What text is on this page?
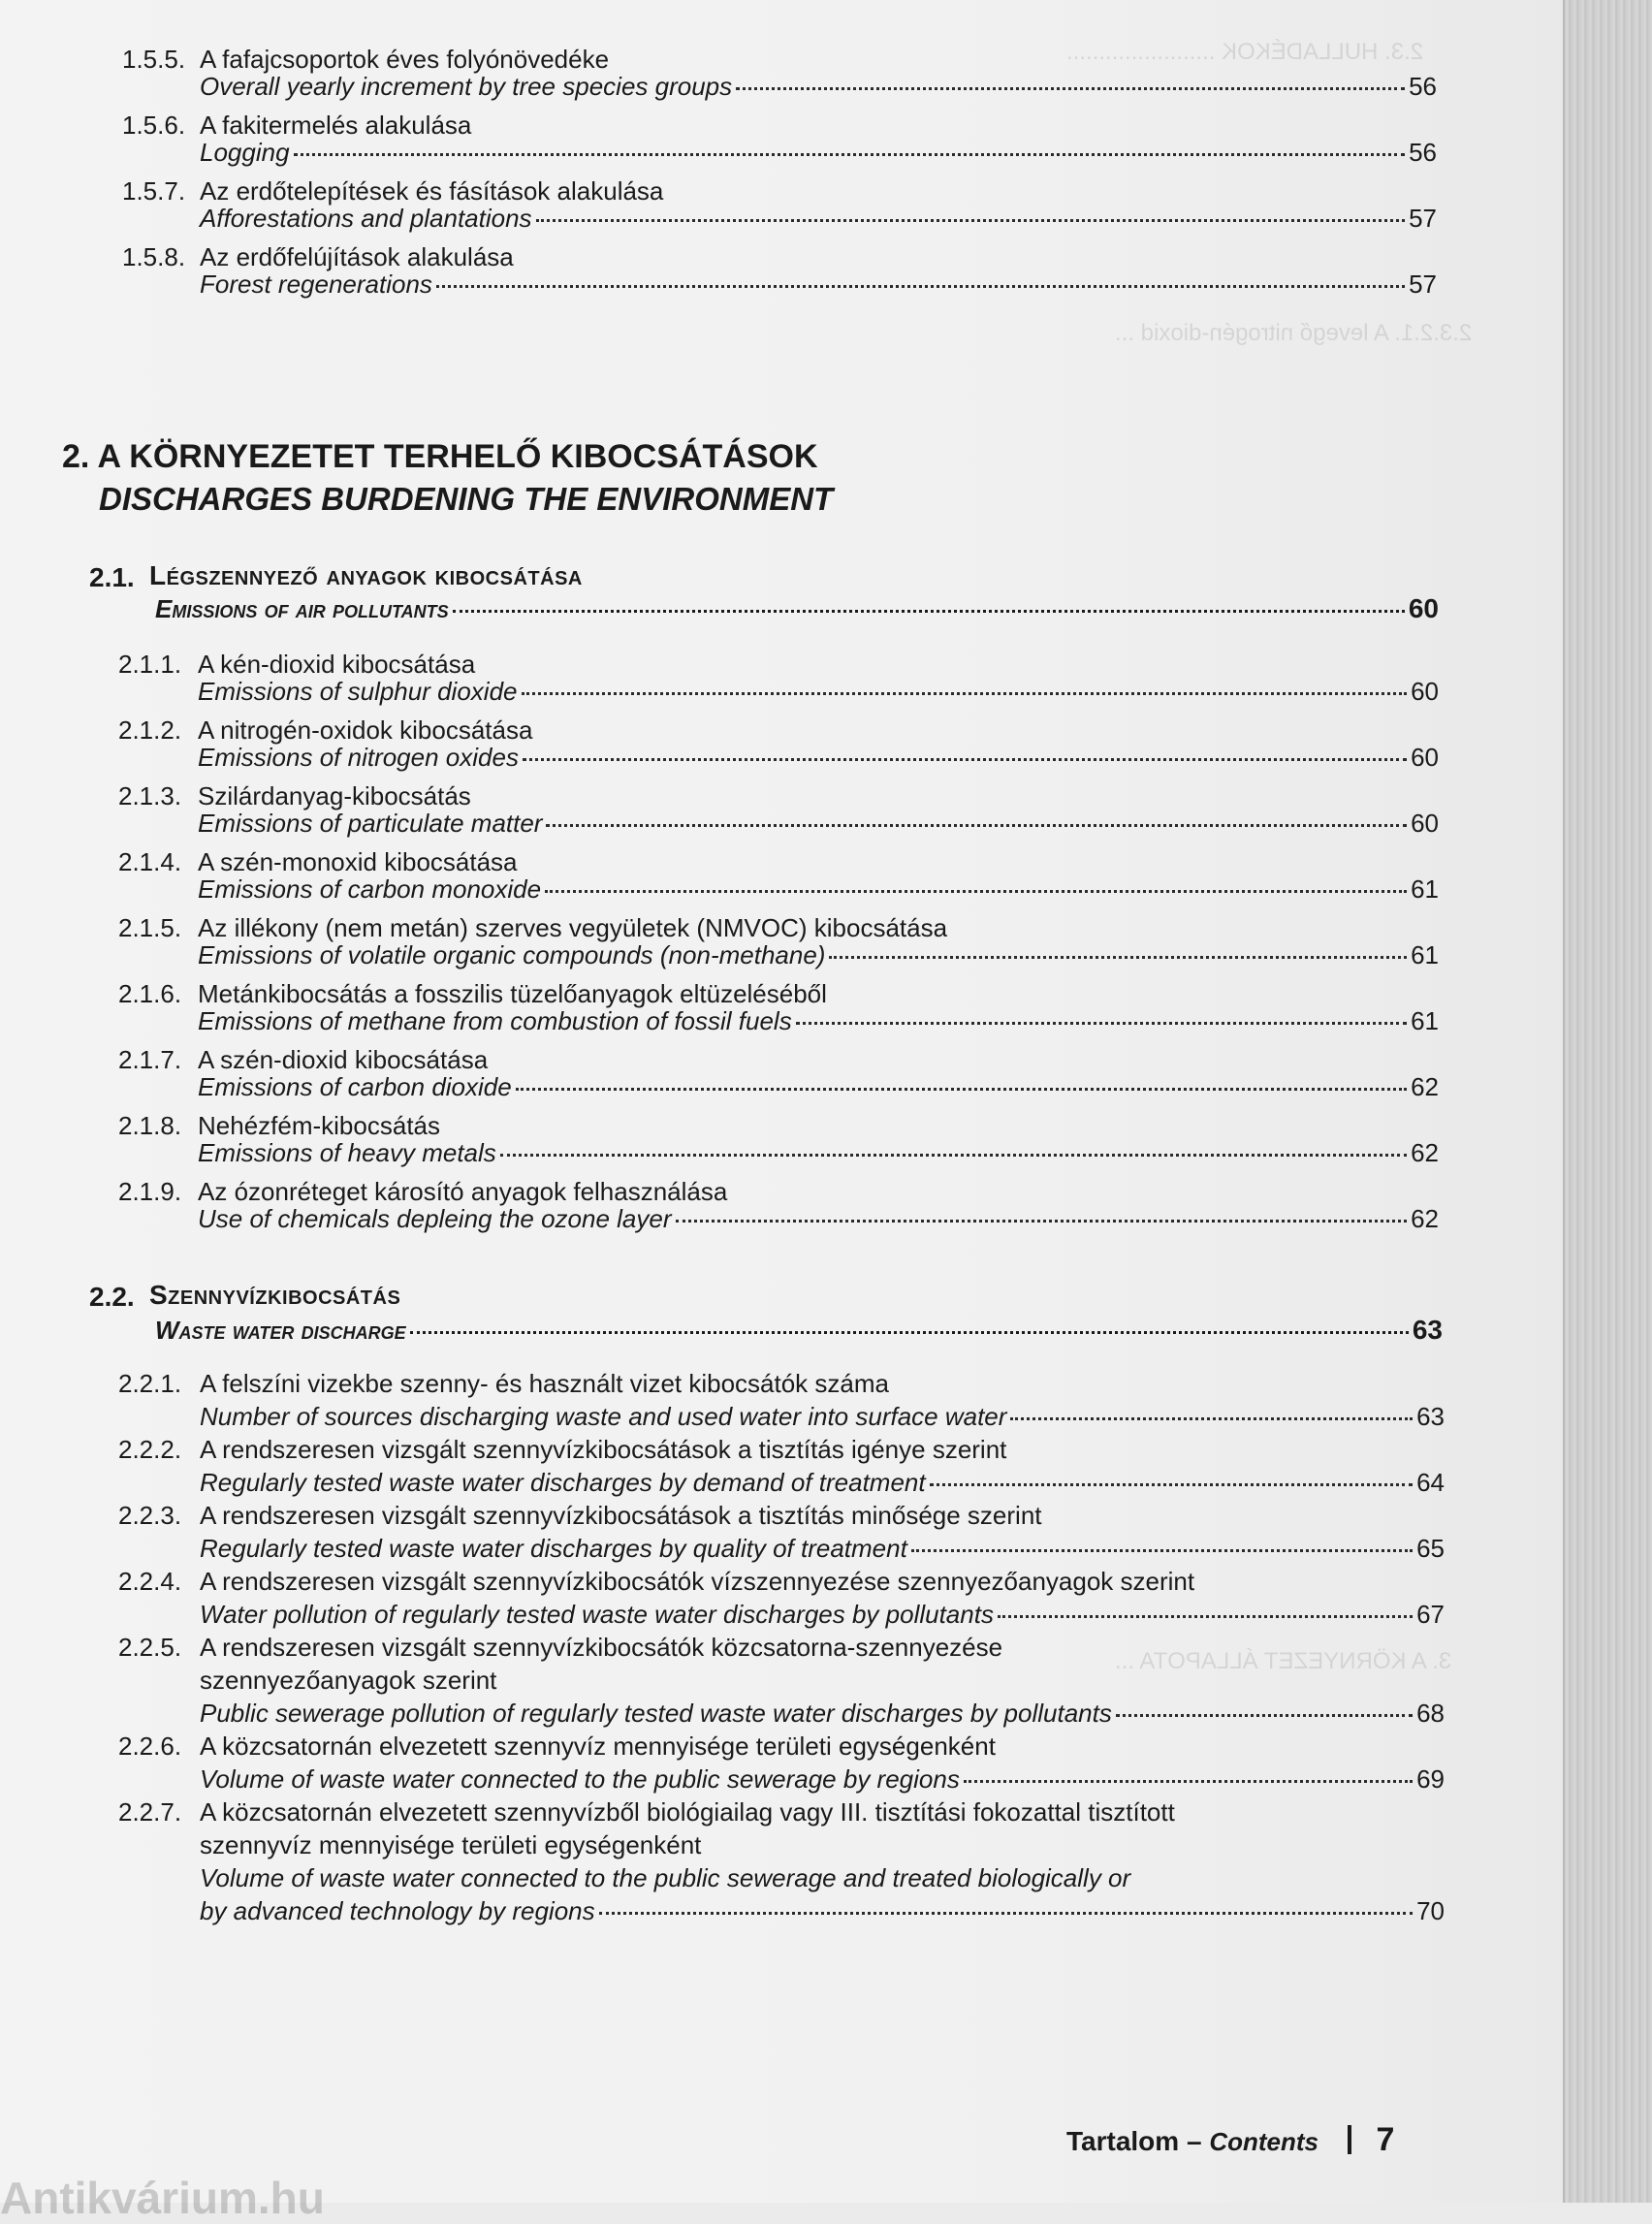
2.3. HULLADÉKOK .......................
2.3.2.1. A levegő nitrogén-dioxid ...
3. A KÖRNYEZET ÁLLAPOTA ...
1.5.5. A fafajcsoportok éves folyónövedéke
Overall yearly increment by tree species groups	56
1.5.6. A fakitermelés alakulása
Logging	56
1.5.7. Az erdőtelepítések és fásítások alakulása
Afforestations and plantations	57
1.5.8. Az erdőfelújítások alakulása
Forest regenerations	57
2. A KÖRNYEZETET TERHELŐ KIBOCSÁTÁSOK
DISCHARGES BURDENING THE ENVIRONMENT
2.1. Légszennyező anyagok kibocsátása
Emissions of air pollutants	60
2.1.1. A kén-dioxid kibocsátása
Emissions of sulphur dioxide	60
2.1.2. A nitrogén-oxidok kibocsátása
Emissions of nitrogen oxides	60
2.1.3. Szilárdanyag-kibocsátás
Emissions of particulate matter	60
2.1.4. A szén-monoxid kibocsátása
Emissions of carbon monoxide	61
2.1.5. Az illékony (nem metán) szerves vegyületek (NMVOC) kibocsátása
Emissions of volatile organic compounds (non-methane)	61
2.1.6. Metánkibocsátás a fosszilis tüzelőanyagok eltüzeléséből
Emissions of methane from combustion of fossil fuels	61
2.1.7. A szén-dioxid kibocsátása
Emissions of carbon dioxide	62
2.1.8. Nehézfém-kibocsátás
Emissions of heavy metals	62
2.1.9. Az ózonréteget károsító anyagok felhasználása
Use of chemicals depleing the ozone layer	62
2.2. Szennyvízkibocsátás
Waste water discharge	63
2.2.1. A felszíni vizekbe szenny- és használt vizet kibocsátók száma
Number of sources discharging waste and used water into surface water	63
2.2.2. A rendszeresen vizsgált szennyvízkibocsátások a tisztítás igénye szerint
Regularly tested waste water discharges by demand of treatment	64
2.2.3. A rendszeresen vizsgált szennyvízkibocsátások a tisztítás minősége szerint
Regularly tested waste water discharges by quality of treatment	65
2.2.4. A rendszeresen vizsgált szennyvízkibocsátók vízszennyezése szennyezőanyagok szerint
Water pollution of regularly tested waste water discharges by pollutants	67
2.2.5. A rendszeresen vizsgált szennyvízkibocsátók közcsatorna-szennyezése
szennyezőanyagok szerint
Public sewerage pollution of regularly tested waste water discharges by pollutants	68
2.2.6. A közcsatornán elvezetett szennyvíz mennyisége területi egységenként
Volume of waste water connected to the public sewerage by regions	69
2.2.7. A közcsatornán elvezetett szennyvízből biológiailag vagy III. tisztítási fokozattal tisztított
szennyvíz mennyisége területi egységenként
Volume of waste water connected to the public sewerage and treated biologically or
by advanced technology by regions	70
Tartalom – Contents 7
Antikvárium.hu
